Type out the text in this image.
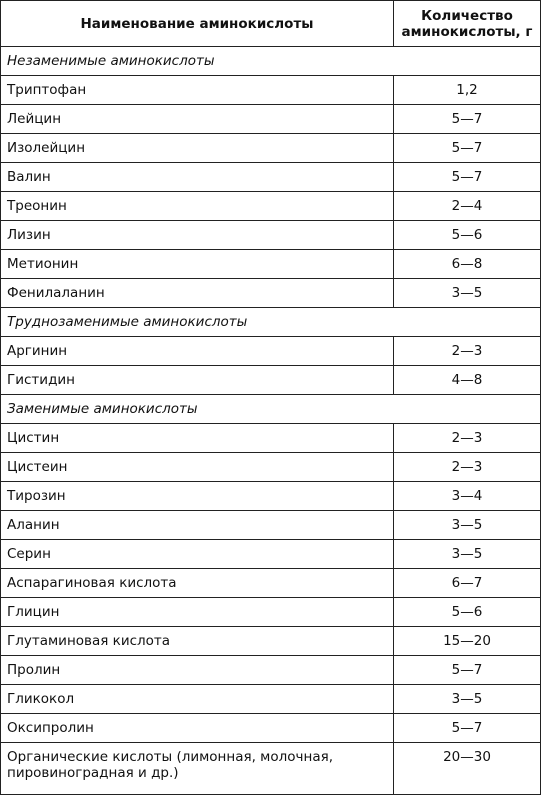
Наименование аминокислоты	Количество аминокислоты, г
Незаменимые аминокислоты	
Триптофан	1,2
Лейцин	5—7
Изолейцин	5—7
Валин	5—7
Треонин	2—4
Лизин	5—6
Метионин	6—8
Фенилаланин	3—5
Труднозаменимые аминокислоты	
Аргинин	2—3
Гистидин	4—8
Заменимые аминокислоты	
Цистин	2—3
Цистеин	2—3
Тирозин	3—4
Аланин	3—5
Серин	3—5
Аспарагиновая кислота	6—7
Глицин	5—6
Глутаминовая кислота	15—20
Пролин	5—7
Гликокол	3—5
Оксипролин	5—7
Органические кислоты (лимонная, молочная, пировиноградная и др.)	20—30
